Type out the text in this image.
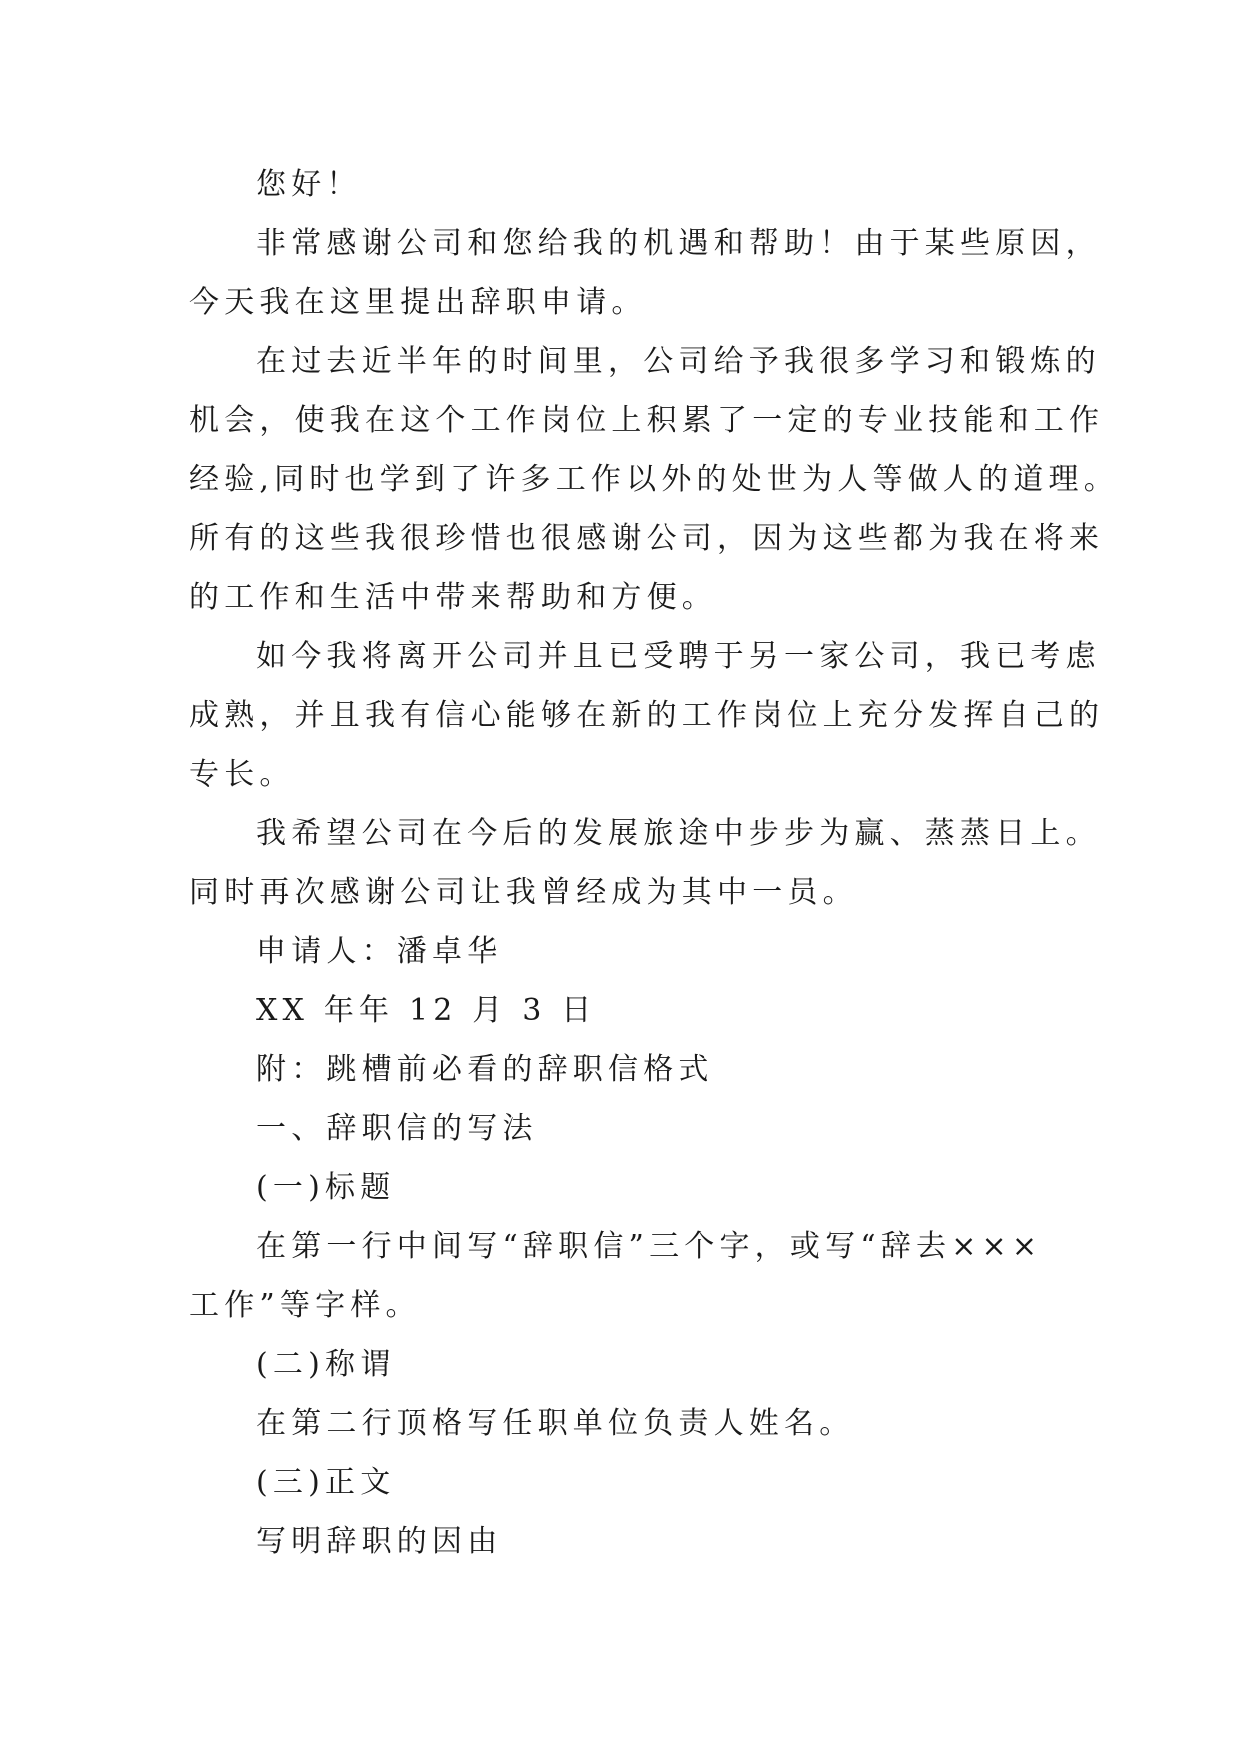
您好！
非常感谢公司和您给我的机遇和帮助！由于某些原因，
今天我在这里提出辞职申请。
在过去近半年的时间里，公司给予我很多学习和锻炼的
机会，使我在这个工作岗位上积累了一定的专业技能和工作
经验,同时也学到了许多工作以外的处世为人等做人的道理。
所有的这些我很珍惜也很感谢公司，因为这些都为我在将来
的工作和生活中带来帮助和方便。
如今我将离开公司并且已受聘于另一家公司，我已考虑
成熟，并且我有信心能够在新的工作岗位上充分发挥自己的
专长。
我希望公司在今后的发展旅途中步步为赢、蒸蒸日上。
同时再次感谢公司让我曾经成为其中一员。
申请人：潘卓华
XX 年年 12 月 3 日
附：跳槽前必看的辞职信格式
一、辞职信的写法
(一)标题
在第一行中间写“辞职信”三个字，或写“辞去×××
工作”等字样。
(二)称谓
在第二行顶格写任职单位负责人姓名。
(三)正文
写明辞职的因由
